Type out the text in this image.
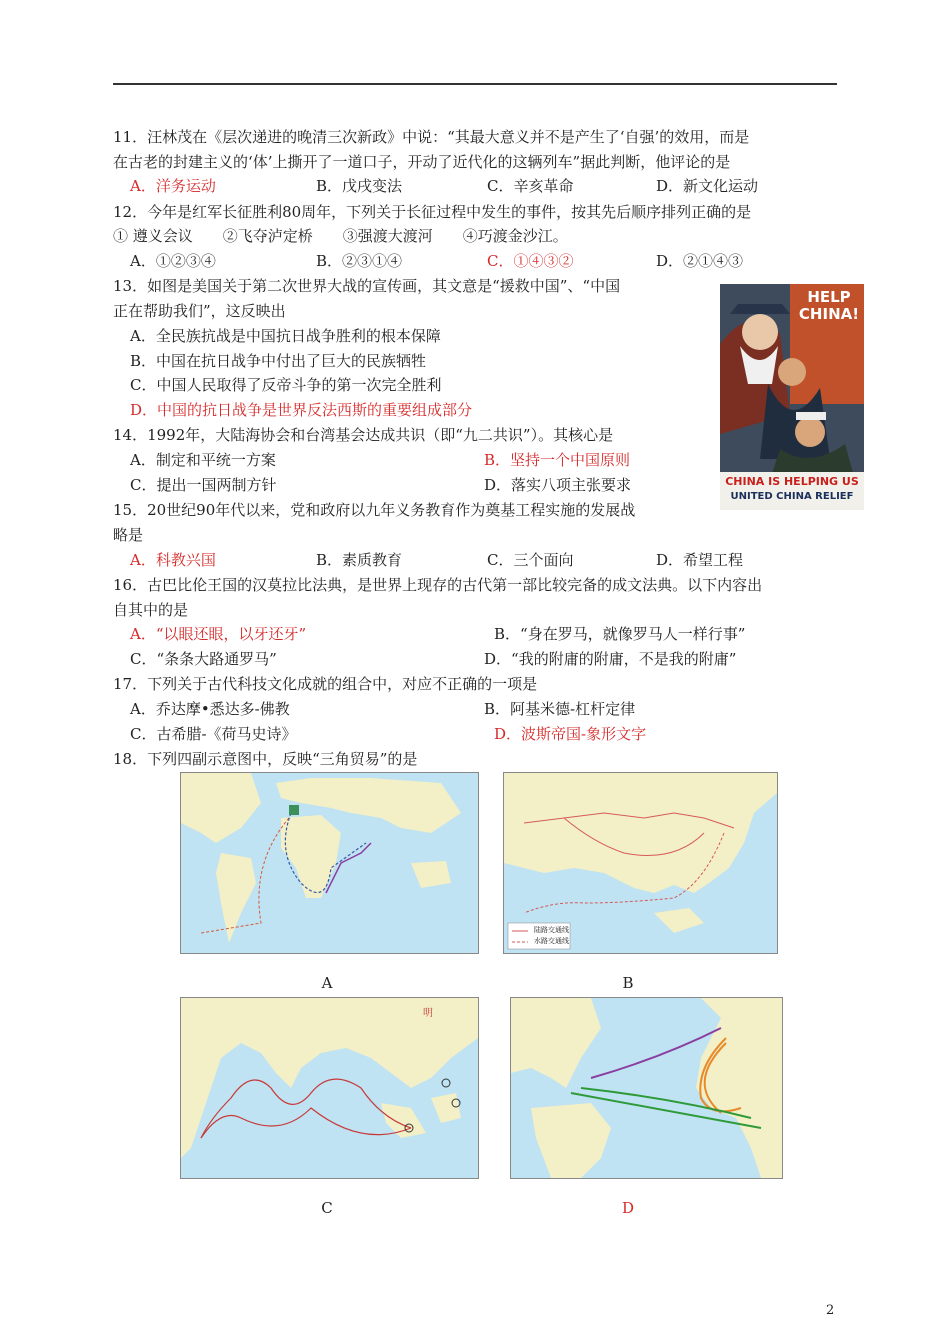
11．汪林茂在《层次递进的晚清三次新政》中说：“其最大意义并不是产生了‘自强’的效用，而是
在古老的封建主义的‘体’上撕开了一道口子，开动了近代化的这辆列车”据此判断，他评论的是
A．洋务运动	B．戊戌变法	C．辛亥革命	D．新文化运动
12．今年是红军长征胜利80周年，下列关于长征过程中发生的事件，按其先后顺序排列正确的是
① 遵义会议　　②飞夺泸定桥　　③强渡大渡河　　④巧渡金沙江。
A．①②③④	B．②③①④	C．①④③②	D．②①④③
13．如图是美国关于第二次世界大战的宣传画，其文意是“援救中国”、“中国
正在帮助我们”，这反映出
A．全民族抗战是中国抗日战争胜利的根本保障
B．中国在抗日战争中付出了巨大的民族牺牲
C．中国人民取得了反帝斗争的第一次完全胜利
D．中国的抗日战争是世界反法西斯的重要组成部分
HELP CHINA!
CHINA IS HELPING US
UNITED CHINA RELIEF
14．1992年，大陆海协会和台湾基会达成共识（即“九二共识”）。其核心是
A．制定和平统一方案	B．坚持一个中国原则
C．提出一国两制方针	D．落实八项主张要求
15．20世纪90年代以来，党和政府以九年义务教育作为奠基工程实施的发展战
略是
A．科教兴国	B．素质教育	C．三个面向	D．希望工程
16．古巴比伦王国的汉莫拉比法典，是世界上现存的古代第一部比较完备的成文法典。以下内容出
自其中的是
A．“以眼还眼，以牙还牙”	B．“身在罗马，就像罗马人一样行事”
C．“条条大路通罗马”	D．“我的附庸的附庸，不是我的附庸”
17．下列关于古代科技文化成就的组合中，对应不正确的一项是
A．乔达摩•悉达多-佛教	B．阿基米德-杠杆定律
C．古希腊-《荷马史诗》	D．波斯帝国-象形文字
18．下列四副示意图中，反映“三角贸易”的是
A
陆路交通线
水路交通线
B
明
C	D
2
